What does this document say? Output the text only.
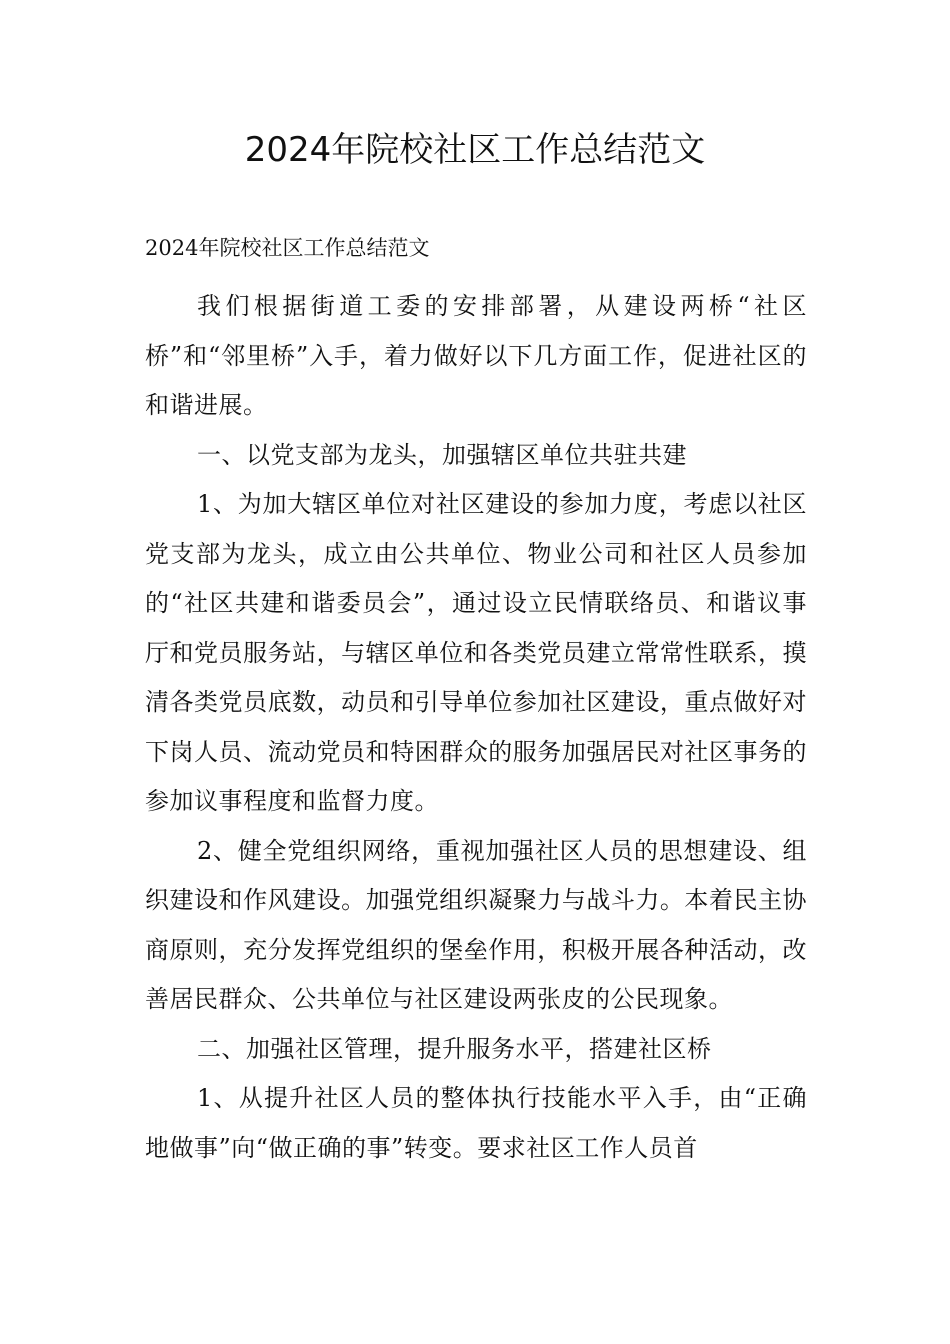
2024年院校社区工作总结范文

2024年院校社区工作总结范文

我们根据街道工委的安排部署，从建设两桥“社区桥”和“邻里桥”入手，着力做好以下几方面工作，促进社区的和谐进展。

一、以党支部为龙头，加强辖区单位共驻共建

1、为加大辖区单位对社区建设的参加力度，考虑以社区党支部为龙头，成立由公共单位、物业公司和社区人员参加的“社区共建和谐委员会”，通过设立民情联络员、和谐议事厅和党员服务站，与辖区单位和各类党员建立常常性联系，摸清各类党员底数，动员和引导单位参加社区建设，重点做好对下岗人员、流动党员和特困群众的服务加强居民对社区事务的参加议事程度和监督力度。

2、健全党组织网络，重视加强社区人员的思想建设、组织建设和作风建设。加强党组织凝聚力与战斗力。本着民主协商原则，充分发挥党组织的堡垒作用，积极开展各种活动，改善居民群众、公共单位与社区建设两张皮的公民现象。

二、加强社区管理，提升服务水平，搭建社区桥

1、从提升社区人员的整体执行技能水平入手，由“正确地做事”向“做正确的事”转变。要求社区工作人员首
